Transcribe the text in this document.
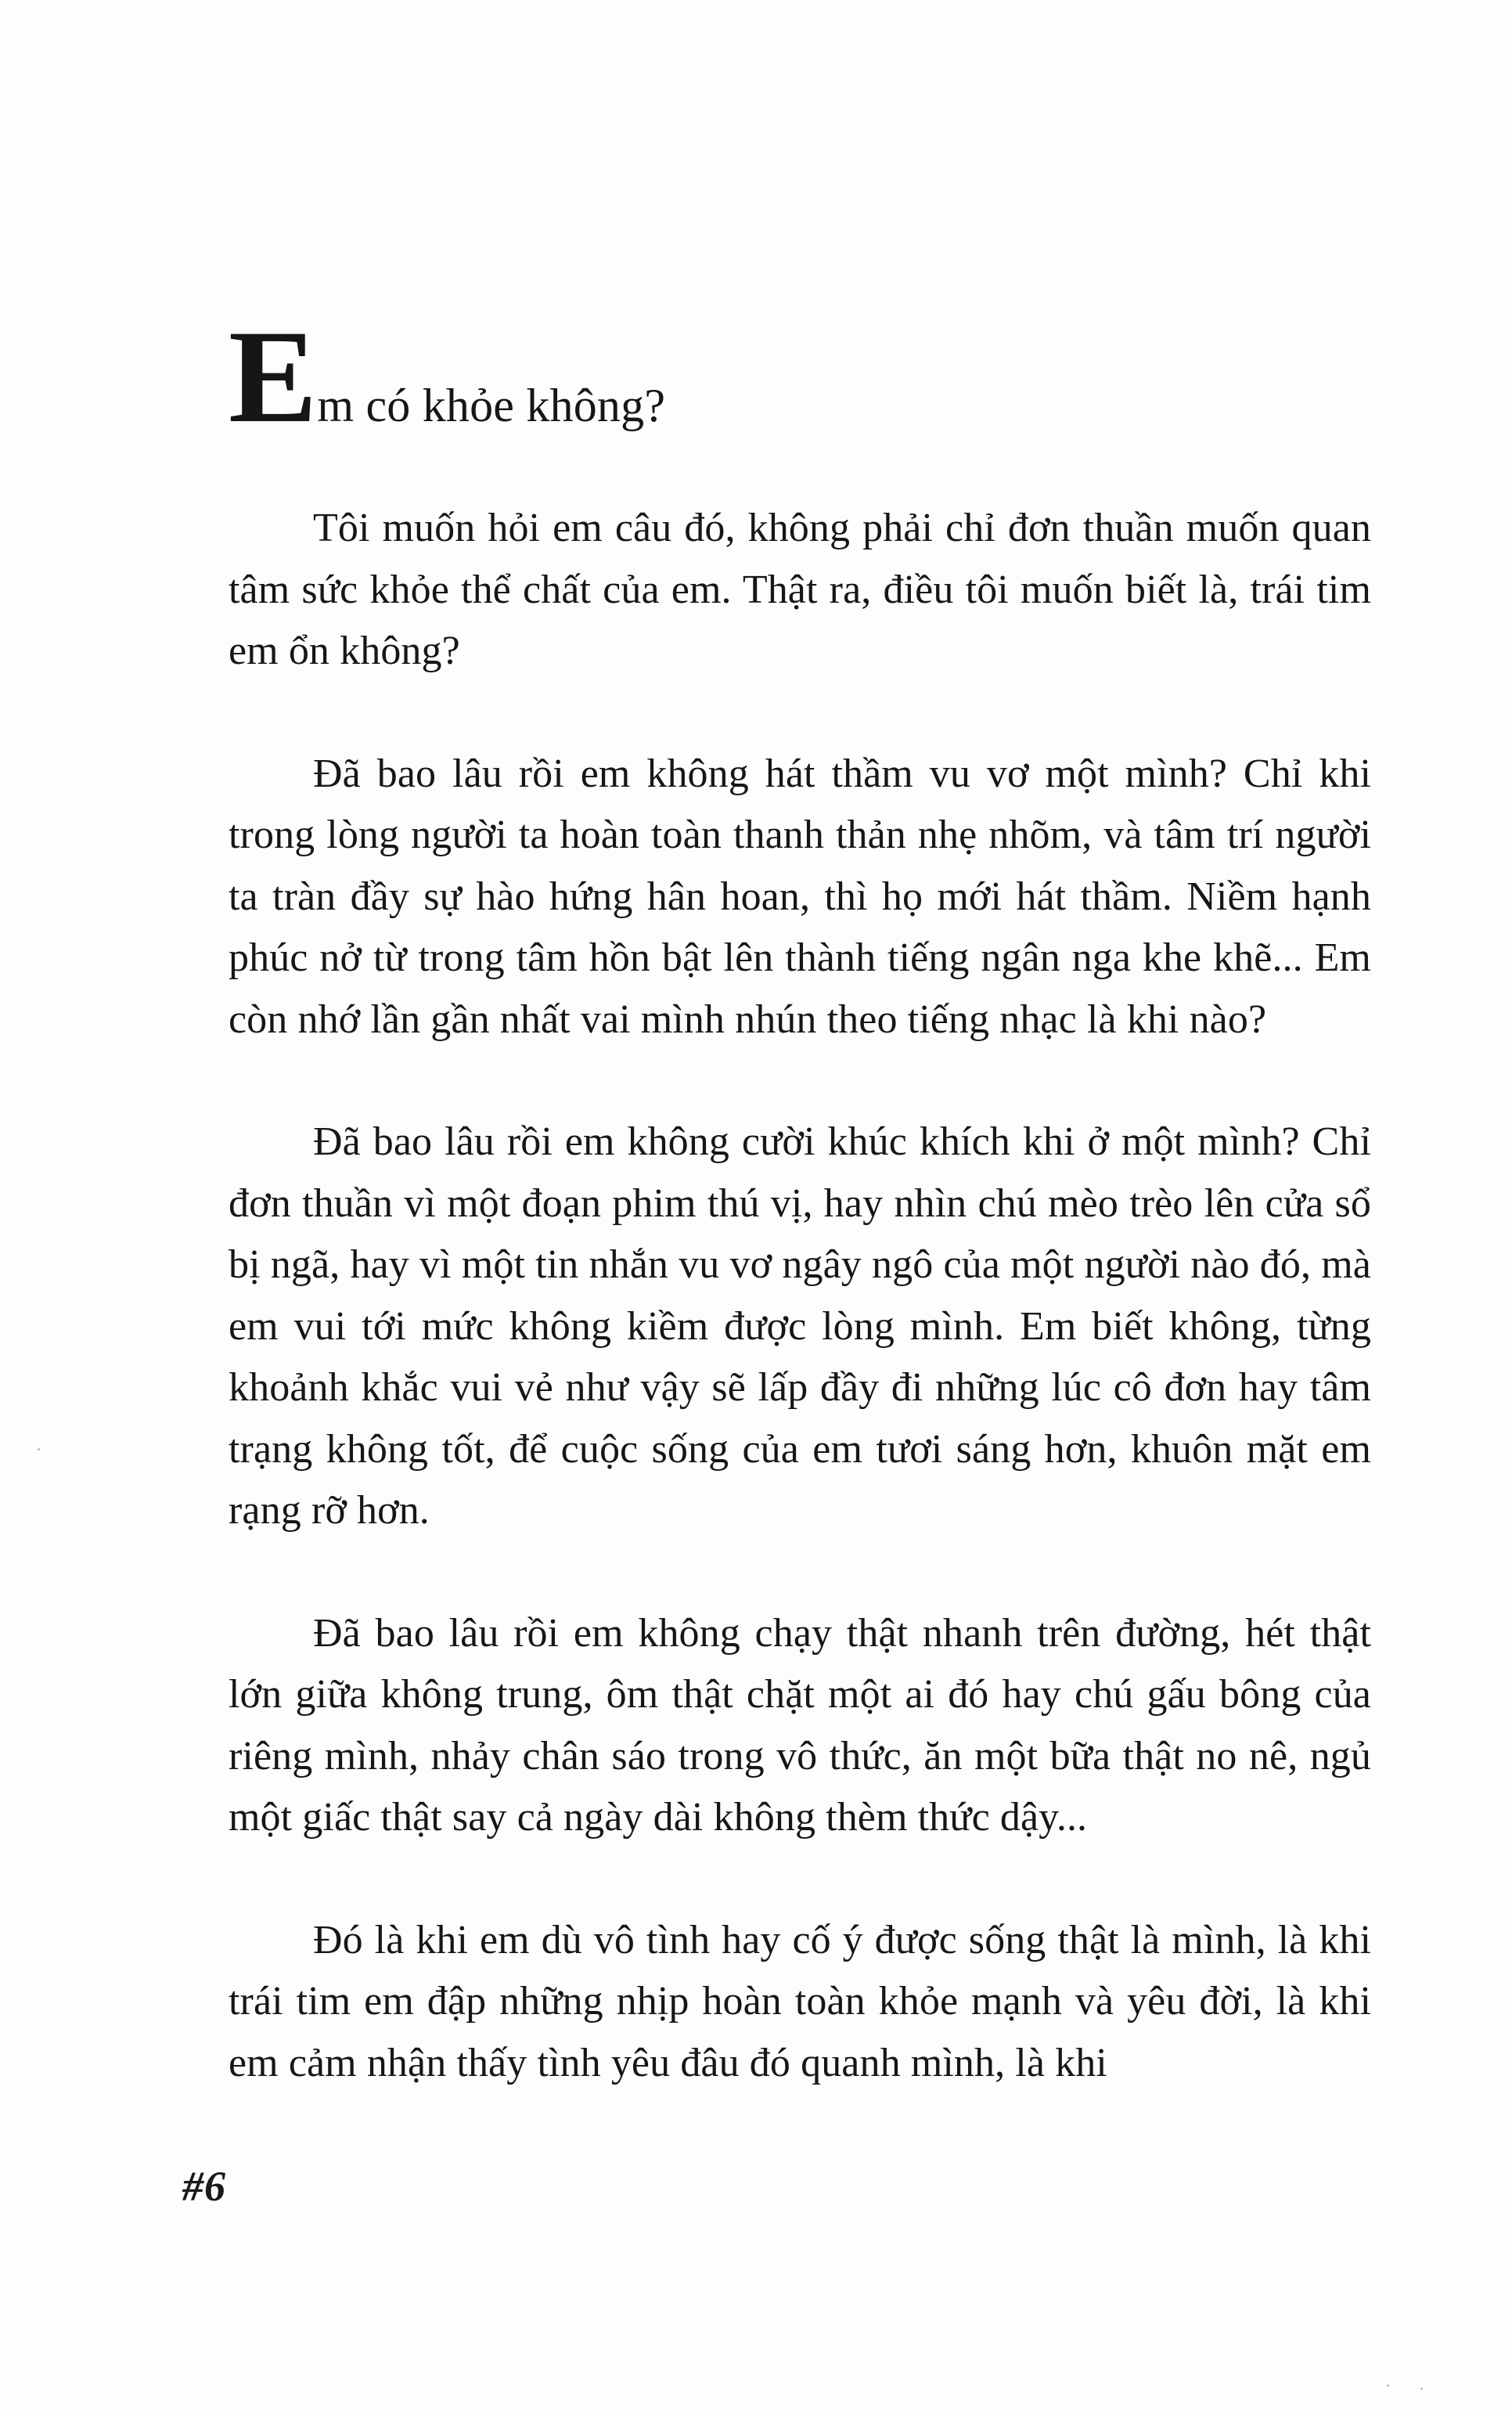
Em có khỏe không?

Tôi muốn hỏi em câu đó, không phải chỉ đơn thuần muốn quan tâm sức khỏe thể chất của em. Thật ra, điều tôi muốn biết là, trái tim em ổn không?

Đã bao lâu rồi em không hát thầm vu vơ một mình? Chỉ khi trong lòng người ta hoàn toàn thanh thản nhẹ nhõm, và tâm trí người ta tràn đầy sự hào hứng hân hoan, thì họ mới hát thầm. Niềm hạnh phúc nở từ trong tâm hồn bật lên thành tiếng ngân nga khe khẽ... Em còn nhớ lần gần nhất vai mình nhún theo tiếng nhạc là khi nào?

Đã bao lâu rồi em không cười khúc khích khi ở một mình? Chỉ đơn thuần vì một đoạn phim thú vị, hay nhìn chú mèo trèo lên cửa sổ bị ngã, hay vì một tin nhắn vu vơ ngây ngô của một người nào đó, mà em vui tới mức không kiềm được lòng mình. Em biết không, từng khoảnh khắc vui vẻ như vậy sẽ lấp đầy đi những lúc cô đơn hay tâm trạng không tốt, để cuộc sống của em tươi sáng hơn, khuôn mặt em rạng rỡ hơn.

Đã bao lâu rồi em không chạy thật nhanh trên đường, hét thật lớn giữa không trung, ôm thật chặt một ai đó hay chú gấu bông của riêng mình, nhảy chân sáo trong vô thức, ăn một bữa thật no nê, ngủ một giấc thật say cả ngày dài không thèm thức dậy...

Đó là khi em dù vô tình hay cố ý được sống thật là mình, là khi trái tim em đập những nhịp hoàn toàn khỏe mạnh và yêu đời, là khi em cảm nhận thấy tình yêu đâu đó quanh mình, là khi

#6
